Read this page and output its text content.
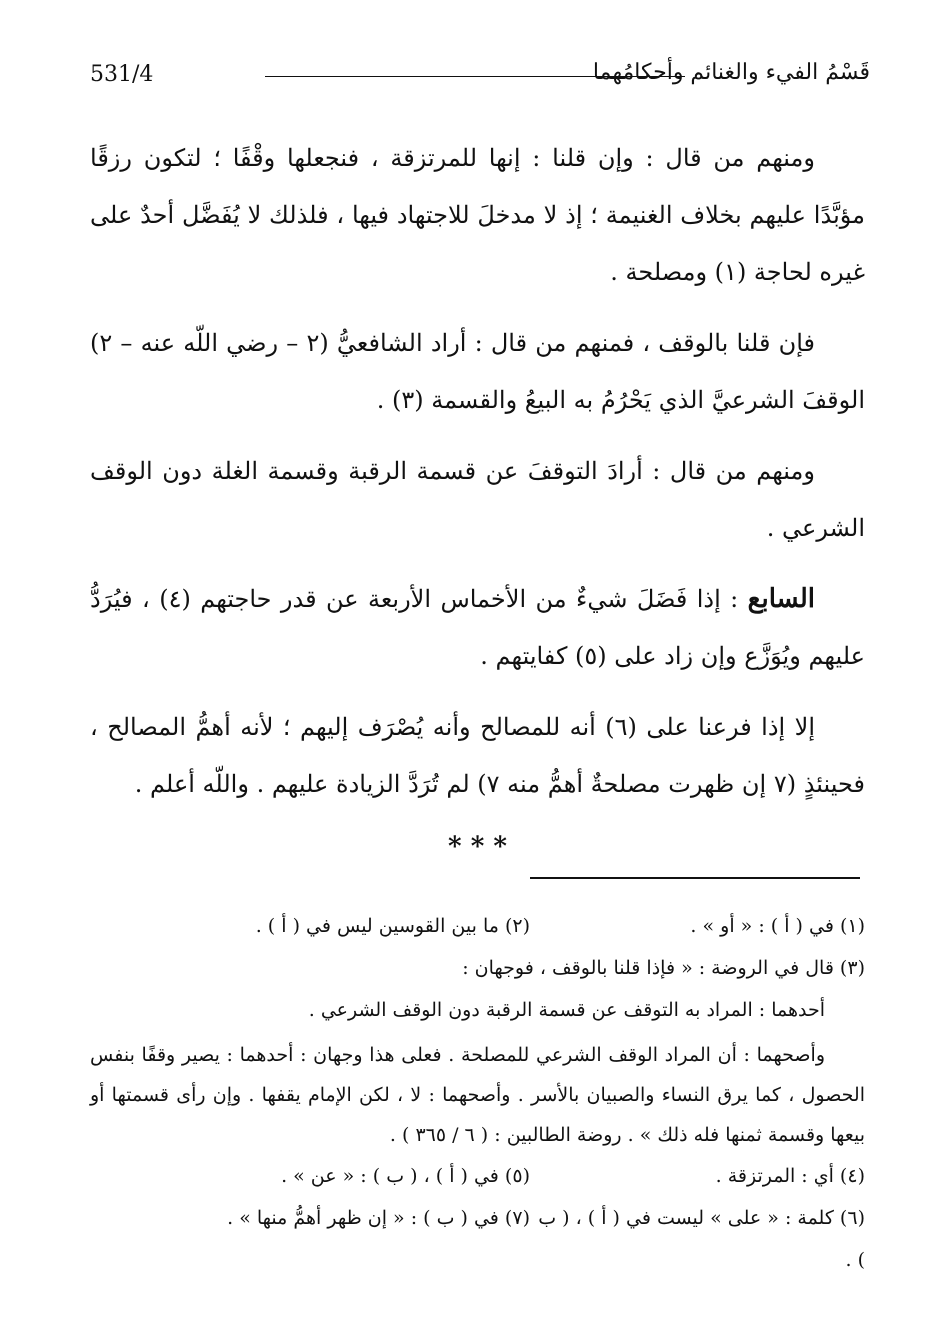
531/4	قَسْمُ الفيء والغنائم وأحكامُهما

ومنهم من قال : وإن قلنا : إنها للمرتزقة ، فنجعلها وقْفًا ؛ لتكون رزقًا مؤبَّدًا عليهم بخلاف الغنيمة ؛ إذ لا مدخلَ للاجتهاد فيها ، فلذلك لا يُفَضَّل أحدٌ على غيره لحاجة (١) ومصلحة .

فإن قلنا بالوقف ، فمنهم من قال : أراد الشافعيُّ (٢ – رضي اللّه عنه – ٢) الوقفَ الشرعيَّ الذي يَحْرُمُ به البيعُ والقسمة (٣) .

ومنهم من قال : أرادَ التوقفَ عن قسمة الرقبة وقسمة الغلة دون الوقف الشرعي .

السابع : إذا فَضَلَ شيءٌ من الأخماس الأربعة عن قدر حاجتهم (٤) ، فيُرَدُّ عليهم ويُوَزَّع وإن زاد على (٥) كفايتهم .

إلا إذا فرعنا على (٦) أنه للمصالح وأنه يُصْرَف إليهم ؛ لأنه أهمُّ المصالح ، فحينئذٍ (٧ إن ظهرت مصلحةٌ أهمُّ منه ٧) لم تُرَدَّ الزيادة عليهم . واللّه أعلم .

* * *
(١) في ( أ ) : « أو » .
(٢) ما بين القوسين ليس في ( أ ) .
(٣) قال في الروضة : « فإذا قلنا بالوقف ، فوجهان :
أحدهما : المراد به التوقف عن قسمة الرقبة دون الوقف الشرعي .
وأصحهما : أن المراد الوقف الشرعي للمصلحة . فعلى هذا وجهان : أحدهما : يصير وقفًا بنفس الحصول ، كما يرق النساء والصبيان بالأسر . وأصحهما : لا ، لكن الإمام يقفها . وإن رأى قسمتها أو بيعها وقسمة ثمنها فله ذلك » . روضة الطالبين : ( ٦ / ٣٦٥ ) .
(٤) أي : المرتزقة .
(٥) في ( أ ) ، ( ب ) : « عن » .
(٦) كلمة : « على » ليست في ( أ ) ، ( ب ) .
(٧) في ( ب ) : « إن ظهر أهمُّ منها » .
